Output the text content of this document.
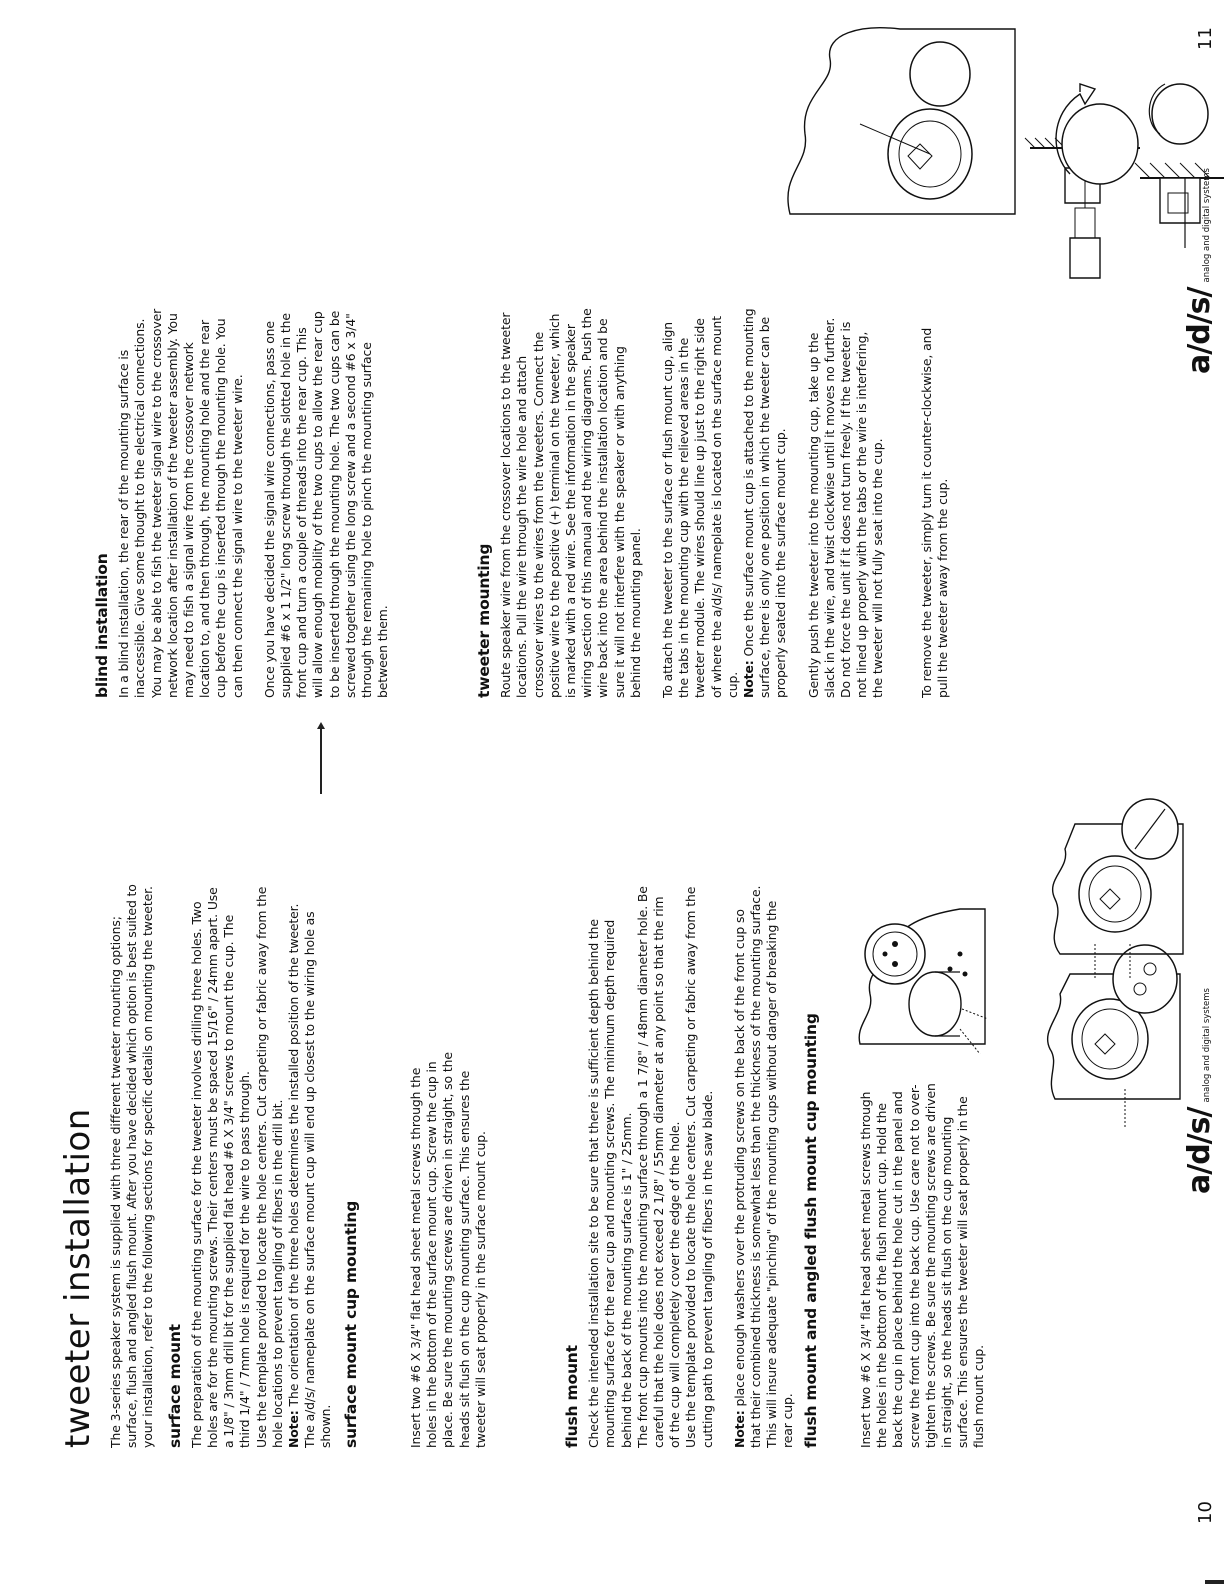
tweeter installation The 3-series speaker system is supplied with three different tweeter mounting options; surface, flush and angled flush mount. After you have decided which option is best suited to your installation, refer to the following sections for specific details on mounting the tweeter. surface mount The preparation of the mounting surface for the tweeter involves drilling three holes. Two holes are for the mounting screws. Their centers must be spaced 15/16" / 24mm apart. Use a 1/8" / 3mm drill bit for the supplied flat head #6 X 3/4" screws to mount the cup. The third 1/4" / 7mm hole is required for the wire to pass through. Use the template provided to locate the hole centers. Cut carpeting or fabric away from the hole locations to prevent tangling of fibers in the drill bit. Note: The orientation of the three holes determines the installed position of the tweeter. The a/d/s/ nameplate on the surface mount cup will end up closest to the wiring hole as shown. surface mount cup mounting	Insert two #6 X 3/4" flat head sheet metal screws through the holes in the bottom of the surface mount cup. Screw the cup in place. Be sure the mounting screws are driven in straight, so the heads sit flush on the cup mounting surface. This ensures the tweeter will seat properly in the surface mount cup.	flush mount Check the intended installation site to be sure that there is sufficient depth behind the mounting surface for the rear cup and mounting screws. The minimum depth required behind the back of the mounting surface is 1" / 25mm. The front cup mounts into the mounting surface through a 1 7/8" / 48mm diameter hole. Be careful that the hole does not exceed 2 1/8" / 55mm diameter at any point so that the rim of the cup will completely cover the edge of the hole. Use the template provided to locate the hole centers. Cut carpeting or fabric away from the cutting path to prevent tangling of fibers in the saw blade. Note: place enough washers over the protruding screws on the back of the front cup so that their combined thickness is somewhat less than the thickness of the mounting surface. This will insure adequate "pinching" of the mounting cups without danger of breaking the rear cup. flush mount and angled flush mount cup mounting	Insert two #6 X 3/4" flat head sheet metal screws through the holes in the bottom of the flush mount cup. Hold the back the cup in place behind the hole cut in the panel and screw the front cup into the back cup. Use care not to over-tighten the screws. Be sure the mounting screws are driven in straight, so the heads sit flush on the cup mounting surface. This ensures the tweeter will seat properly in the flush mount cup.

a/d/s/ analog and digital systems
10
blind installation In a blind installation, the rear of the mounting surface is inaccessible. Give some thought to the electrical connections. You may be able to fish the tweeter signal wire to the crossover network location after installation of the tweeter assembly. You may need to fish a signal wire from the crossover network location to, and then through, the mounting hole and the rear cup before the cup is inserted through the mounting hole. You can then connect the signal wire to the tweeter wire. Once you have decided the signal wire connections, pass one supplied #6 x 1 1/2" long screw through the slotted hole in the front cup and turn a couple of threads into the rear cup. This will allow enough mobility of the two cups to allow the rear cup to be inserted through the mounting hole. The two cups can be screwed together using the long screw and a second #6 x 3/4" through the remaining hole to pinch the mounting surface between them.	tweeter mounting Route speaker wire from the crossover locations to the tweeter locations. Pull the wire through the wire hole and attach crossover wires to the wires from the tweeters. Connect the positive wire to the positive (+) terminal on the tweeter, which is marked with a red wire. See the information in the speaker wiring section of this manual and the wiring diagrams. Push the wire back into the area behind the installation location and be sure it will not interfere with the speaker or with anything behind the mounting panel. To attach the tweeter to the surface or flush mount cup, align the tabs in the mounting cup with the relieved areas in the tweeter module. The wires should line up just to the right side of where the a/d/s/ nameplate is located on the surface mount cup. Note: Once the surface mount cup is attached to the mounting surface, there is only one position in which the tweeter can be properly seated into the surface mount cup. Gently push the tweeter into the mounting cup, take up the slack in the wire, and twist clockwise until it moves no further. Do not force the unit if it does not turn freely. If the tweeter is not lined up properly with the tabs or the wire is interfering, the tweeter will not fully seat into the cup.	To remove the tweeter, simply turn it counter-clockwise, and pull the tweeter away from the cup.

a/d/s/ analog and digital systems
11
